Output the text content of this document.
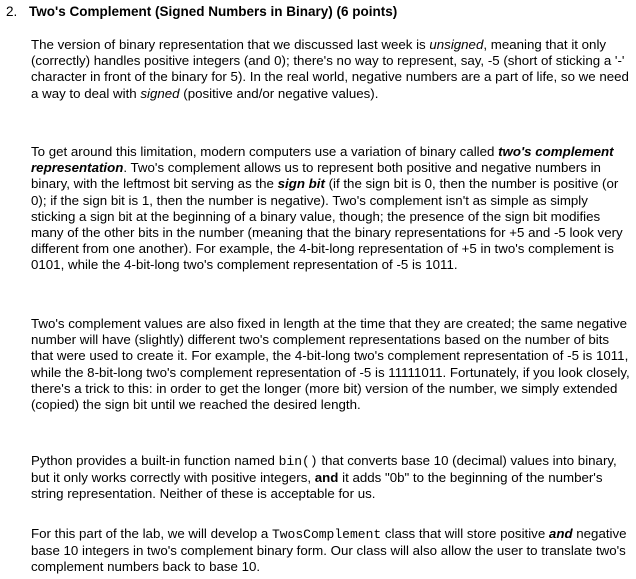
2. Two's Complement (Signed Numbers in Binary) (6 points)

The version of binary representation that we discussed last week is unsigned, meaning that it only (correctly) handles positive integers (and 0); there's no way to represent, say, -5 (short of sticking a '-' character in front of the binary for 5). In the real world, negative numbers are a part of life, so we need a way to deal with signed (positive and/or negative values).

To get around this limitation, modern computers use a variation of binary called two's complement representation. Two's complement allows us to represent both positive and negative numbers in binary, with the leftmost bit serving as the sign bit (if the sign bit is 0, then the number is positive (or 0); if the sign bit is 1, then the number is negative). Two's complement isn't as simple as simply sticking a sign bit at the beginning of a binary value, though; the presence of the sign bit modifies many of the other bits in the number (meaning that the binary representations for +5 and -5 look very different from one another). For example, the 4-bit-long representation of +5 in two's complement is 0101, while the 4-bit-long two's complement representation of -5 is 1011.

Two's complement values are also fixed in length at the time that they are created; the same negative number will have (slightly) different two's complement representations based on the number of bits that were used to create it. For example, the 4-bit-long two's complement representation of -5 is 1011, while the 8-bit-long two's complement representation of -5 is 11111011. Fortunately, if you look closely, there's a trick to this: in order to get the longer (more bit) version of the number, we simply extended (copied) the sign bit until we reached the desired length.

Python provides a built-in function named bin() that converts base 10 (decimal) values into binary, but it only works correctly with positive integers, and it adds "0b" to the beginning of the number's string representation. Neither of these is acceptable for us.

For this part of the lab, we will develop a TwosComplement class that will store positive and negative base 10 integers in two's complement binary form. Our class will also allow the user to translate two's complement numbers back to base 10.
